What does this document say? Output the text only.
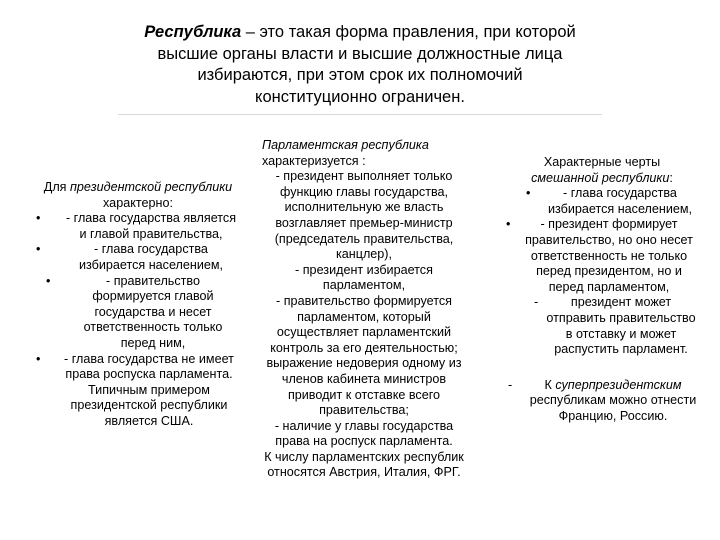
Республика – это такая форма правления, при которой высшие органы власти и высшие должностные лица избираются, при этом срок их полномочий конституционно ограничен.
Для президентской республики характерно:
•	- глава государства является и главой правительства,
•	- глава государства избирается населением,
•	- правительство формируется главой государства и несет ответственность только перед ним,
•	- глава государства не имеет права роспуска парламента. Типичным примером президентской республики является США.
Парламентская республика
характеризуется :
- президент выполняет только функцию главы государства, исполнительную же власть возглавляет премьер-министр (председатель правительства, канцлер),
- президент избирается парламентом,
- правительство формируется парламентом, который осуществляет парламентский контроль за его деятельностью; выражение недоверия одному из членов кабинета министров приводит к отставке всего правительства;
- наличие у главы государства права на роспуск парламента.
К числу парламентских республик относятся Австрия, Италия, ФРГ.
Характерные черты
смешанной республики:
•	- глава государства избирается населением,
•	- президент формирует правительство, но оно несет ответственность не только перед президентом, но и перед парламентом,
-	президент может отправить правительство в отставку и может распустить парламент.
-	К суперпрезидентским республикам можно отнести Францию, Россию.
